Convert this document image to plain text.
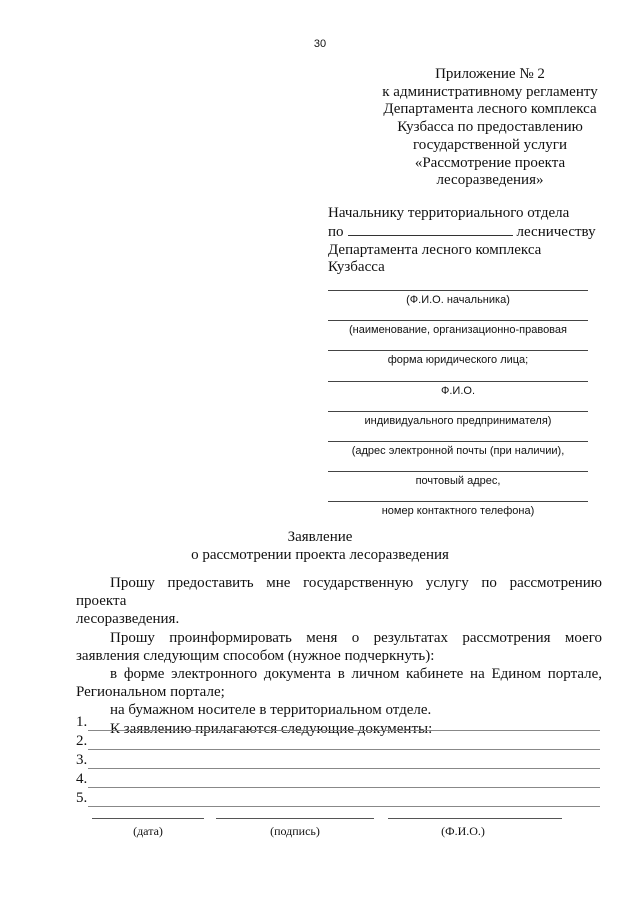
30
Приложение № 2
к административному регламенту
Департамента лесного комплекса
Кузбасса по предоставлению
государственной услуги
«Рассмотрение проекта
лесоразведения»
Начальнику территориального отдела
по	лесничеству
Департамента лесного комплекса
Кузбасса
(Ф.И.О. начальника)
(наименование, организационно-правовая
форма юридического лица;
Ф.И.О.
индивидуального предпринимателя)
(адрес электронной почты (при наличии),
почтовый адрес,
номер контактного телефона)
Заявление
о рассмотрении проекта лесоразведения

Прошу предоставить мне государственную услугу по рассмотрению проекта

лесоразведения.

Прошу проинформировать меня о результатах рассмотрения моего

заявления следующим способом (нужное подчеркнуть):

в форме электронного документа в личном кабинете на Едином портале,

Региональном портале;

на бумажном носителе в территориальном отделе.

К заявлению прилагаются следующие документы:

1.
2.
3.
4.
5.
(дата)	(подпись)	(Ф.И.О.)
